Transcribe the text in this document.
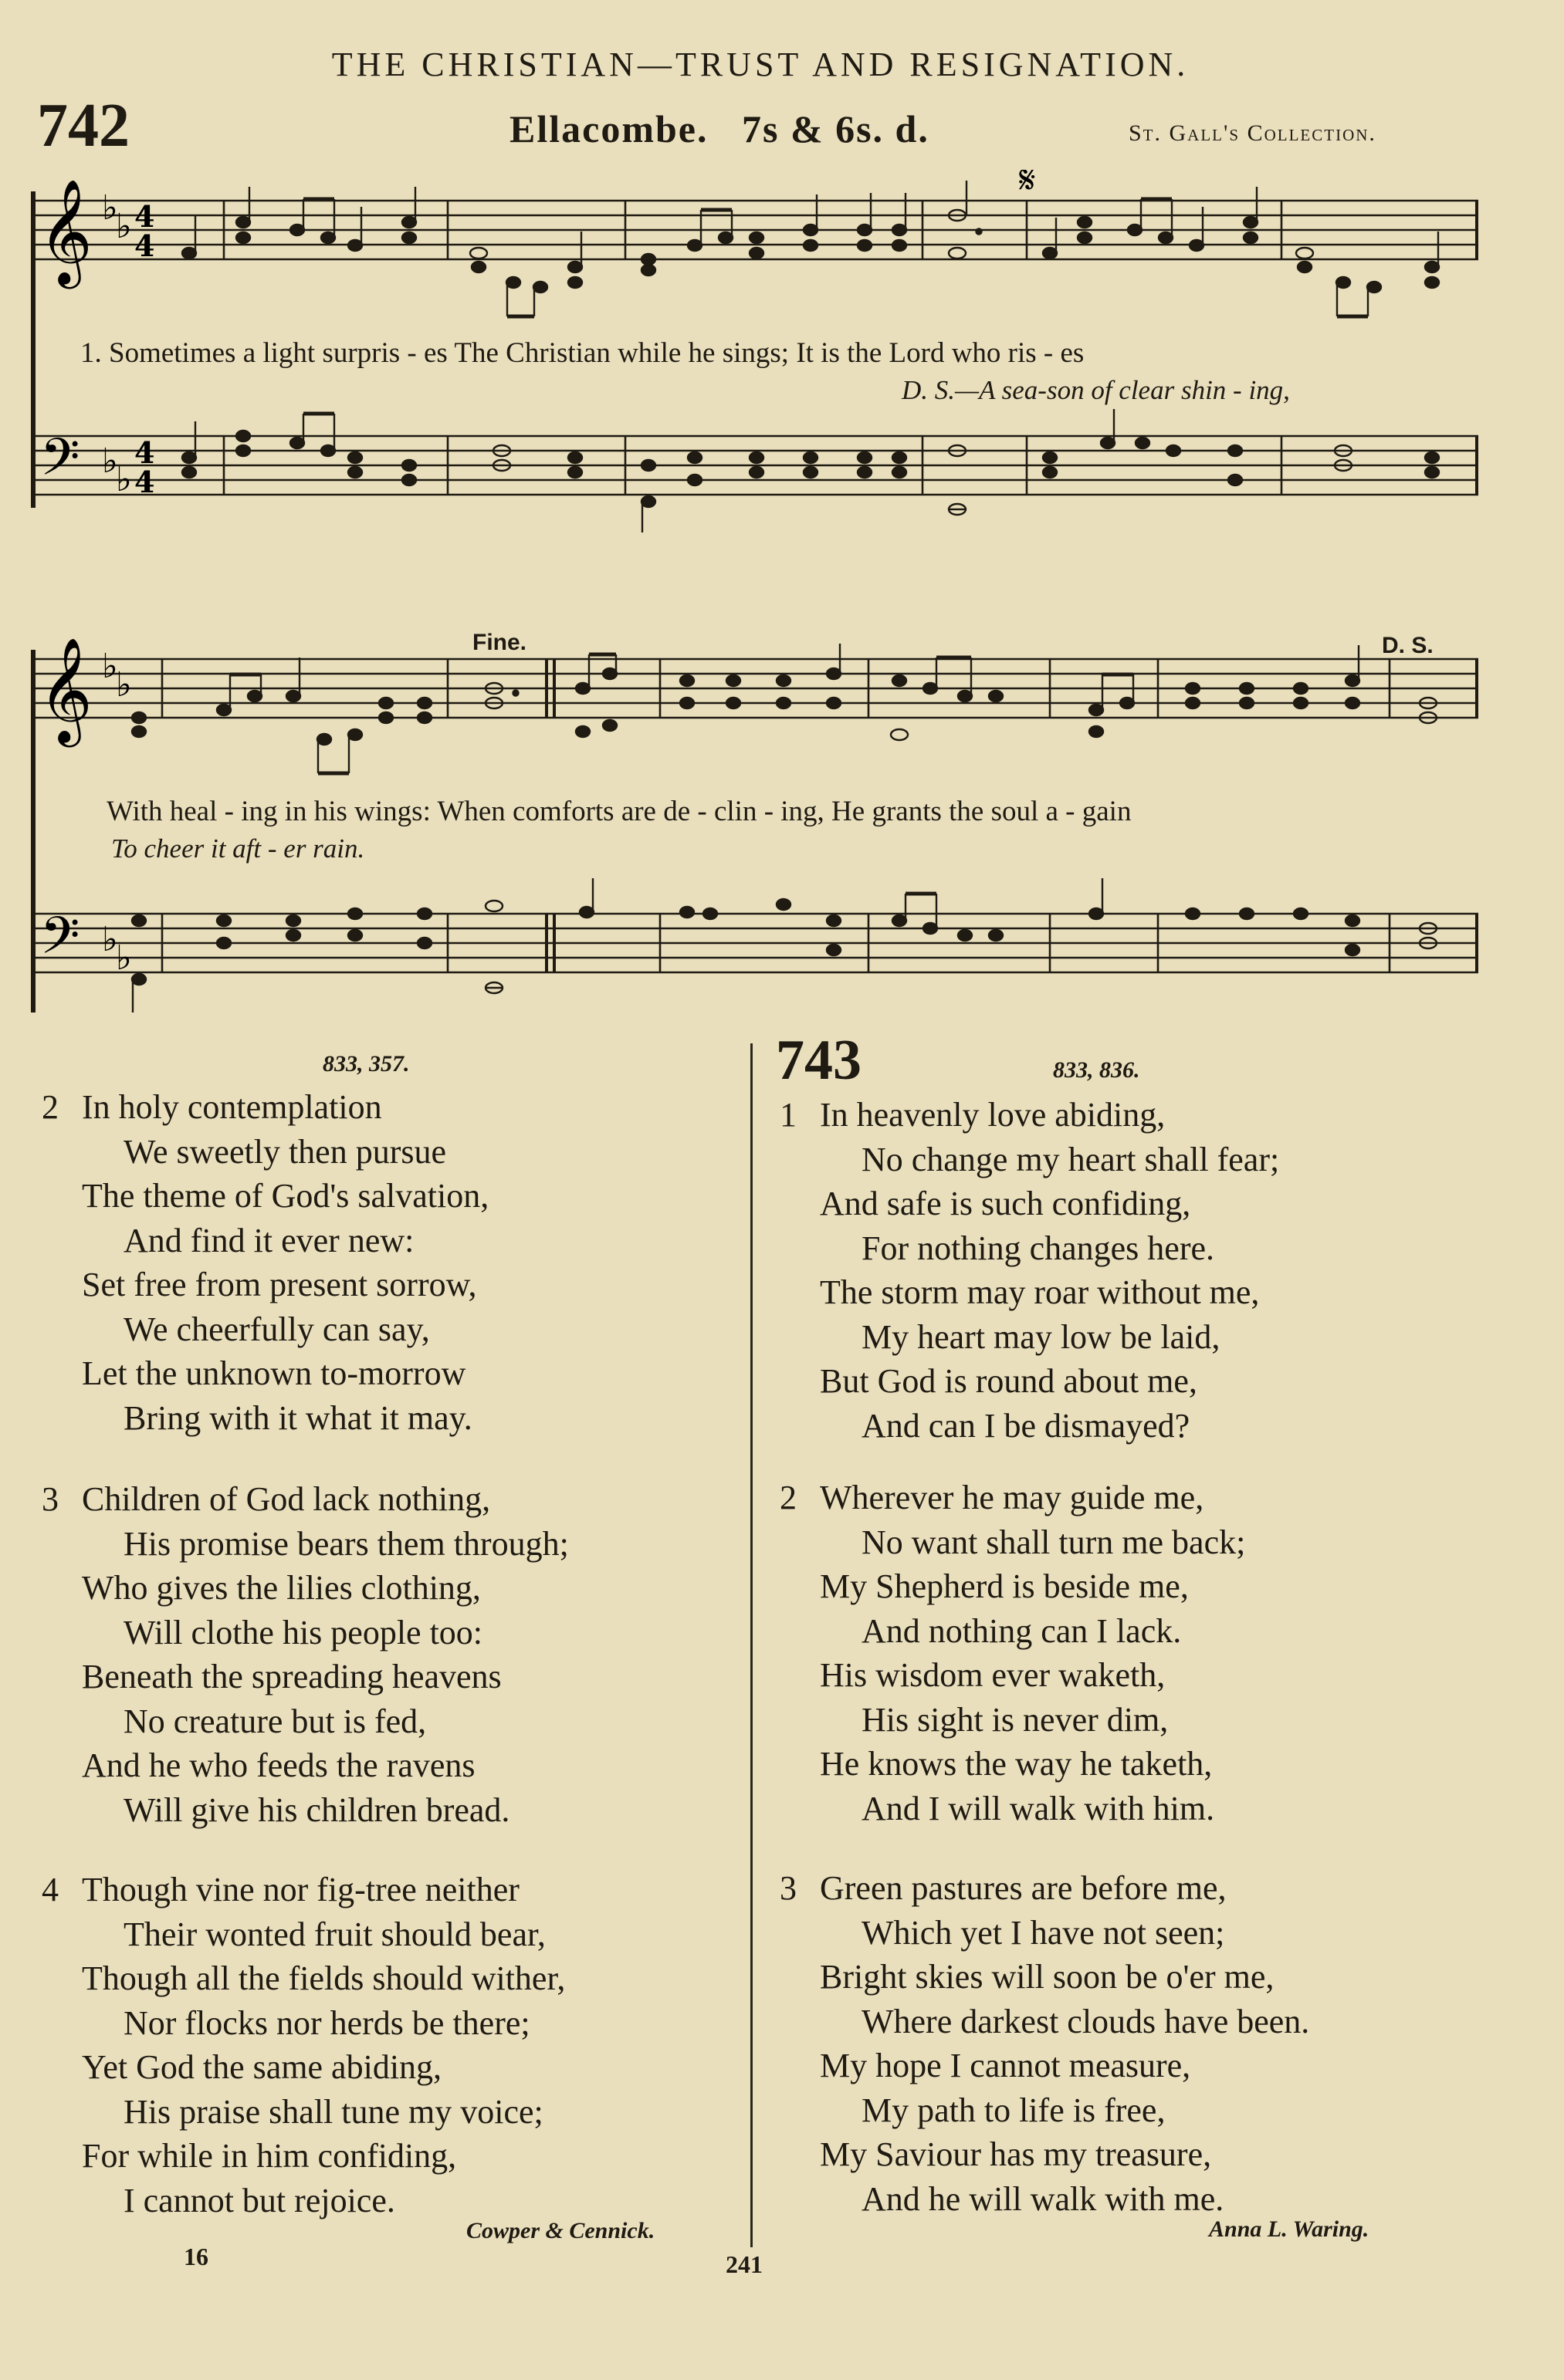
THE CHRISTIAN—TRUST AND RESIGNATION.
742	Ellacombe. 7s & 6s. d.	St. Gall's Collection.
𝄞
𝄢
♭
♭
♭
♭
4
4
4
4
𝄋
1. Sometimes a light surpris - es The Christian while he sings; It is the Lord who ris - es
D. S.—A sea-son of clear shin - ing,
𝄞
𝄢
♭
♭
♭
♭
Fine.	D. S.
With heal - ing in his wings: When comforts are de - clin - ing, He grants the soul a - gain
To cheer it aft - er rain.
833, 357.
2 In holy contemplation
We sweetly then pursue
The theme of God's salvation,
And find it ever new:
Set free from present sorrow,
We cheerfully can say,
Let the unknown to-morrow
Bring with it what it may.
3 Children of God lack nothing,
His promise bears them through;
Who gives the lilies clothing,
Will clothe his people too:
Beneath the spreading heavens
No creature but is fed,
And he who feeds the ravens
Will give his children bread.
4 Though vine nor fig-tree neither
Their wonted fruit should bear,
Though all the fields should wither,
Nor flocks nor herds be there;
Yet God the same abiding,
His praise shall tune my voice;
For while in him confiding,
I cannot but rejoice.
Cowper & Cennick.
16
743	833, 836.
1 In heavenly love abiding,
No change my heart shall fear;
And safe is such confiding,
For nothing changes here.
The storm may roar without me,
My heart may low be laid,
But God is round about me,
And can I be dismayed?
2 Wherever he may guide me,
No want shall turn me back;
My Shepherd is beside me,
And nothing can I lack.
His wisdom ever waketh,
His sight is never dim,
He knows the way he taketh,
And I will walk with him.
3 Green pastures are before me,
Which yet I have not seen;
Bright skies will soon be o'er me,
Where darkest clouds have been.
My hope I cannot measure,
My path to life is free,
My Saviour has my treasure,
And he will walk with me.
Anna L. Waring.
241
